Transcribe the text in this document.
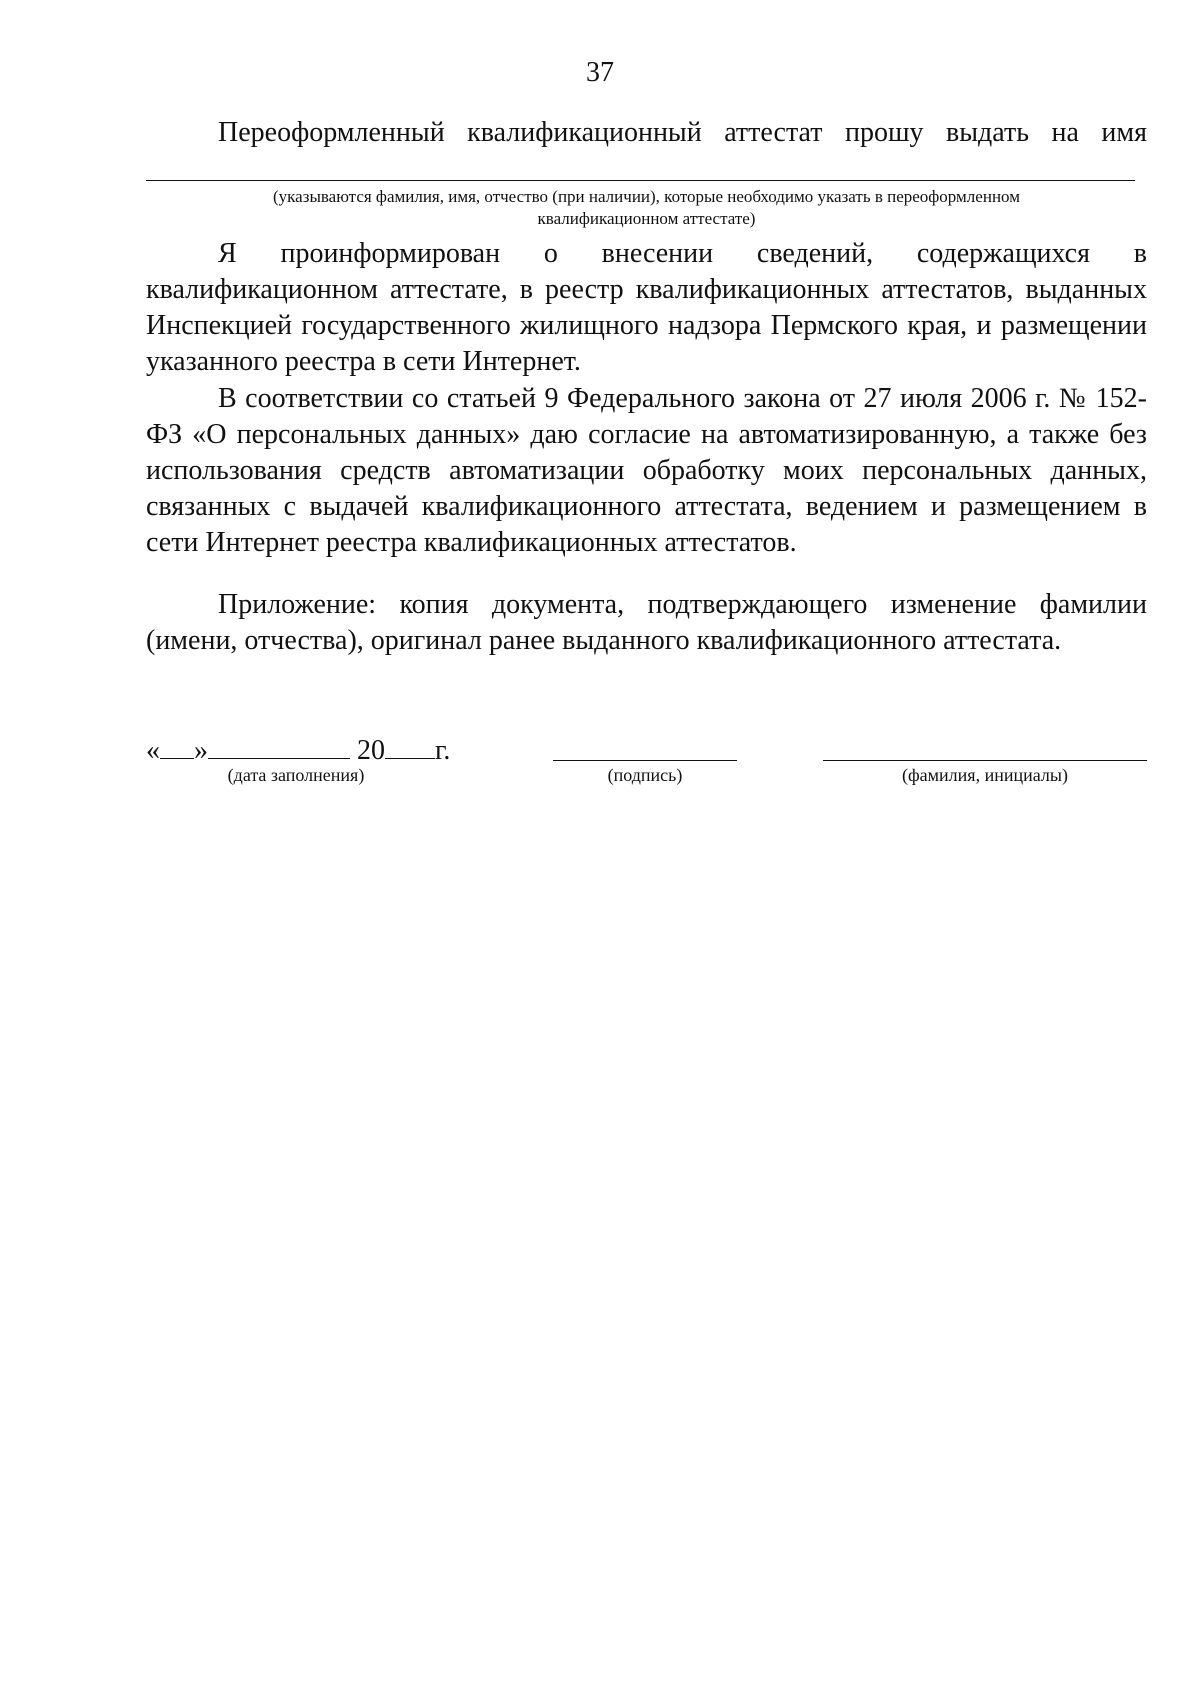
37

Переоформленный квалификационный аттестат прошу выдать на имя

(указываются фамилия, имя, отчество (при наличии), которые необходимо указать в переоформленном
квалификационном аттестате)

Я проинформирован о внесении сведений, содержащихся в квалификационном аттестате, в реестр квалификационных аттестатов, выданных Инспекцией государственного жилищного надзора Пермского края, и размещении указанного реестра в сети Интернет.

В соответствии со статьей 9 Федерального закона от 27 июля 2006 г. № 152-ФЗ «О персональных данных» даю согласие на автоматизированную, а также без использования средств автоматизации обработку моих персональных данных, связанных с выдачей квалификационного аттестата, ведением и размещением в сети Интернет реестра квалификационных аттестатов.

Приложение: копия документа, подтверждающего изменение фамилии (имени, отчества), оригинал ранее выданного квалификационного аттестата.

« »	20 г.
(дата заполнения)	(подпись)	(фамилия, инициалы)
